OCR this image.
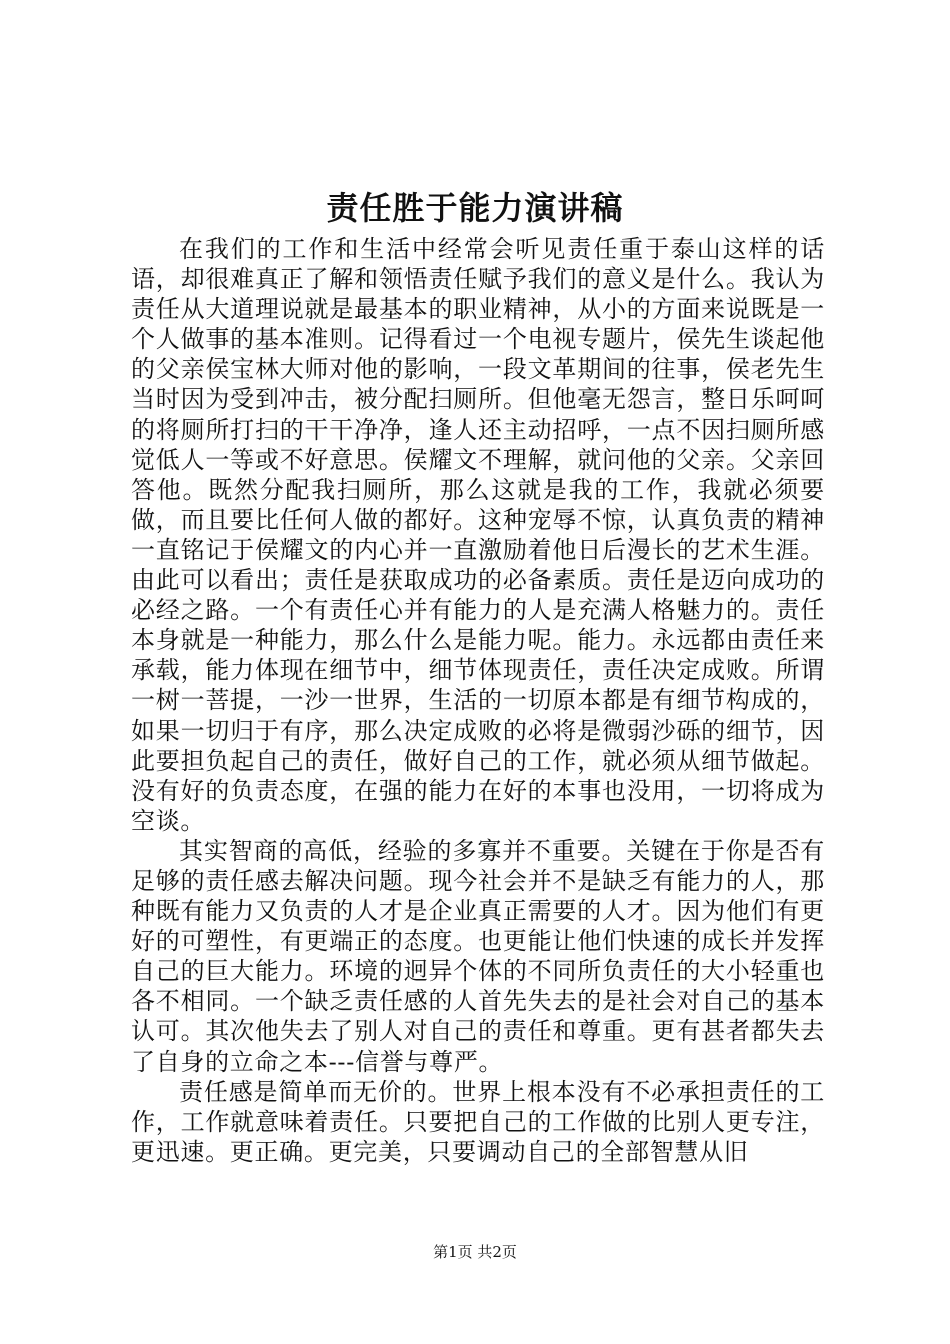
责任胜于能力演讲稿

在我们的工作和生活中经常会听见责任重于泰山这样的话语，却很难真正了解和领悟责任赋予我们的意义是什么。我认为责任从大道理说就是最基本的职业精神，从小的方面来说既是一个人做事的基本准则。记得看过一个电视专题片，侯先生谈起他的父亲侯宝林大师对他的影响，一段文革期间的往事，侯老先生当时因为受到冲击，被分配扫厕所。但他毫无怨言，整日乐呵呵的将厕所打扫的干干净净，逢人还主动招呼，一点不因扫厕所感觉低人一等或不好意思。侯耀文不理解，就问他的父亲。父亲回答他。既然分配我扫厕所，那么这就是我的工作，我就必须要做，而且要比任何人做的都好。这种宠辱不惊，认真负责的精神一直铭记于侯耀文的内心并一直激励着他日后漫长的艺术生涯。由此可以看出；责任是获取成功的必备素质。责任是迈向成功的必经之路。一个有责任心并有能力的人是充满人格魅力的。责任本身就是一种能力，那么什么是能力呢。能力。永远都由责任来承载，能力体现在细节中，细节体现责任，责任决定成败。所谓一树一菩提，一沙一世界，生活的一切原本都是有细节构成的，如果一切归于有序，那么决定成败的必将是微弱沙砾的细节，因此要担负起自己的责任，做好自己的工作，就必须从细节做起。没有好的负责态度，在强的能力在好的本事也没用，一切将成为空谈。

其实智商的高低，经验的多寡并不重要。关键在于你是否有足够的责任感去解决问题。现今社会并不是缺乏有能力的人，那种既有能力又负责的人才是企业真正需要的人才。因为他们有更好的可塑性，有更端正的态度。也更能让他们快速的成长并发挥自己的巨大能力。环境的迥异个体的不同所负责任的大小轻重也各不相同。一个缺乏责任感的人首先失去的是社会对自己的基本认可。其次他失去了别人对自己的责任和尊重。更有甚者都失去了自身的立命之本---信誉与尊严。

责任感是简单而无价的。世界上根本没有不必承担责任的工作，工作就意味着责任。只要把自己的工作做的比别人更专注，更迅速。更正确。更完美，只要调动自己的全部智慧从旧

第1页 共2页
